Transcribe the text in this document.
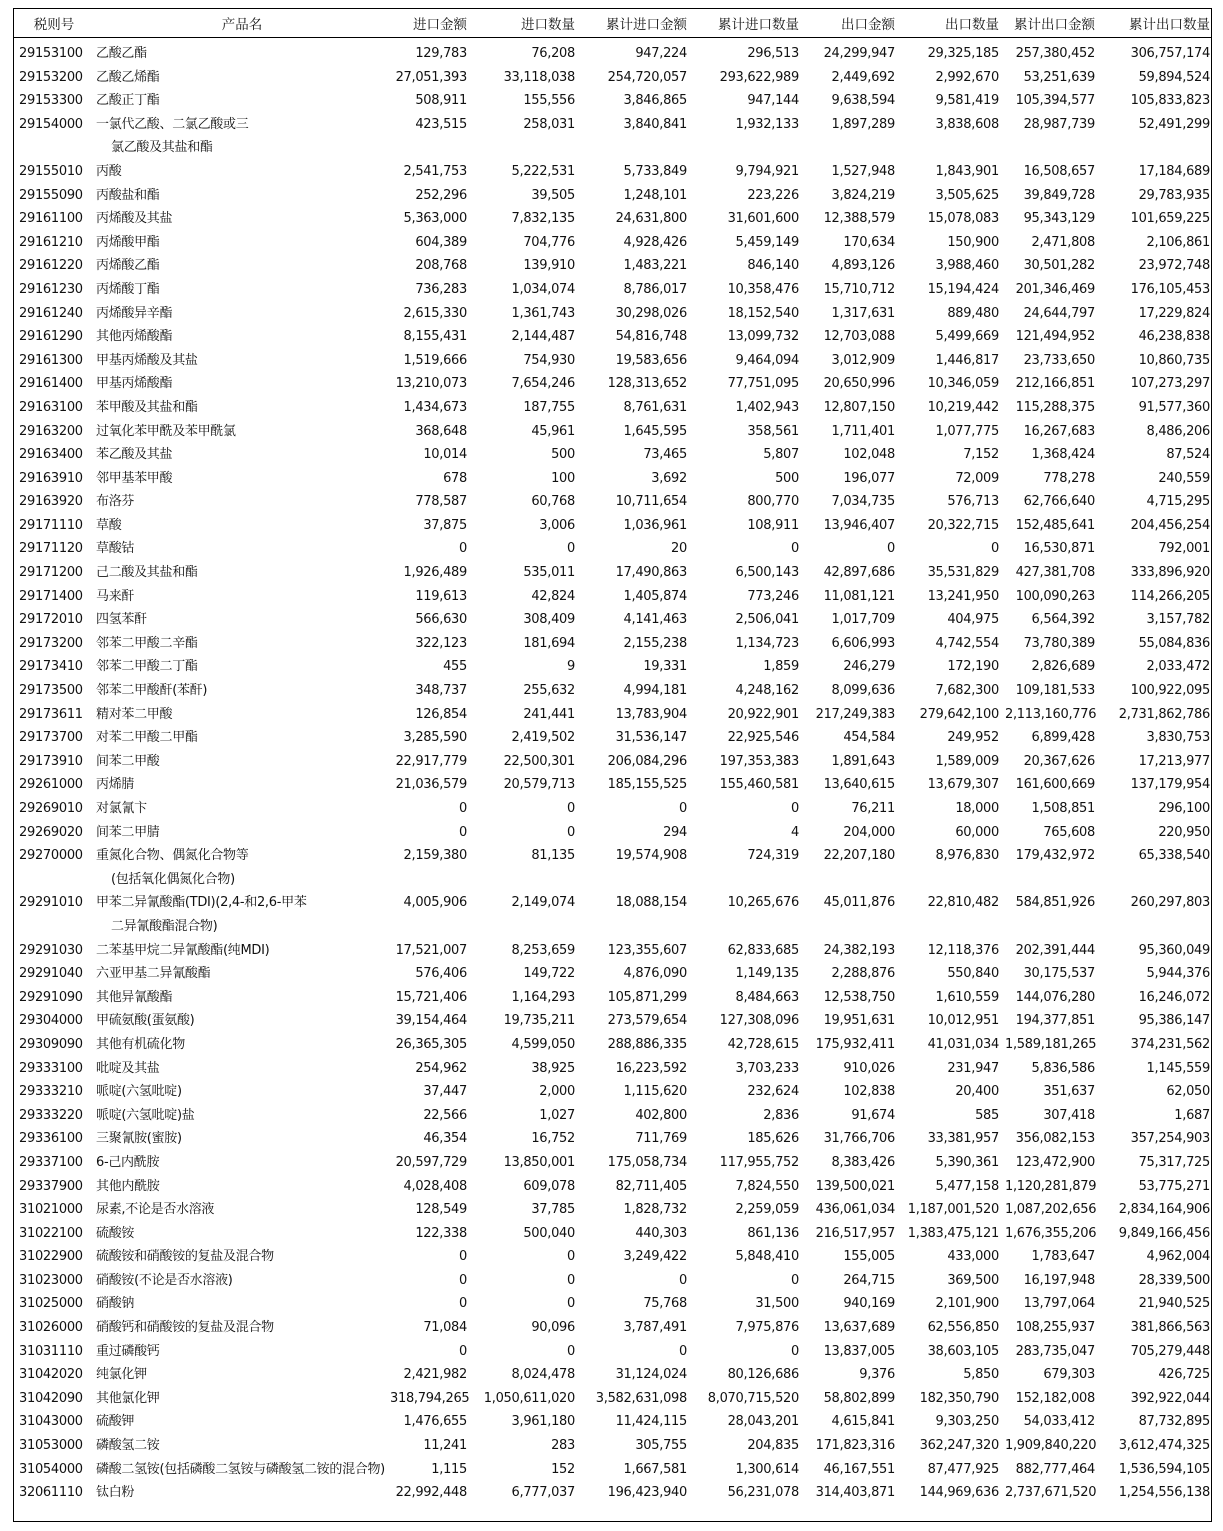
税则号	产品名	进口金额	进口数量	累计进口金额	累计进口数量	出口金额	出口数量	累计出口金额	累计出口数量
29153100	乙酸乙酯	129,783	76,208	947,224	296,513	24,299,947	29,325,185	257,380,452	306,757,174
29153200	乙酸乙烯酯	27,051,393	33,118,038	254,720,057	293,622,989	2,449,692	2,992,670	53,251,639	59,894,524
29153300	乙酸正丁酯	508,911	155,556	3,846,865	947,144	9,638,594	9,581,419	105,394,577	105,833,823
29154000	一氯代乙酸、二氯乙酸或三
氯乙酸及其盐和酯	423,515	258,031	3,840,841	1,932,133	1,897,289	3,838,608	28,987,739	52,491,299
29155010	丙酸	2,541,753	5,222,531	5,733,849	9,794,921	1,527,948	1,843,901	16,508,657	17,184,689
29155090	丙酸盐和酯	252,296	39,505	1,248,101	223,226	3,824,219	3,505,625	39,849,728	29,783,935
29161100	丙烯酸及其盐	5,363,000	7,832,135	24,631,800	31,601,600	12,388,579	15,078,083	95,343,129	101,659,225
29161210	丙烯酸甲酯	604,389	704,776	4,928,426	5,459,149	170,634	150,900	2,471,808	2,106,861
29161220	丙烯酸乙酯	208,768	139,910	1,483,221	846,140	4,893,126	3,988,460	30,501,282	23,972,748
29161230	丙烯酸丁酯	736,283	1,034,074	8,786,017	10,358,476	15,710,712	15,194,424	201,346,469	176,105,453
29161240	丙烯酸异辛酯	2,615,330	1,361,743	30,298,026	18,152,540	1,317,631	889,480	24,644,797	17,229,824
29161290	其他丙烯酸酯	8,155,431	2,144,487	54,816,748	13,099,732	12,703,088	5,499,669	121,494,952	46,238,838
29161300	甲基丙烯酸及其盐	1,519,666	754,930	19,583,656	9,464,094	3,012,909	1,446,817	23,733,650	10,860,735
29161400	甲基丙烯酸酯	13,210,073	7,654,246	128,313,652	77,751,095	20,650,996	10,346,059	212,166,851	107,273,297
29163100	苯甲酸及其盐和酯	1,434,673	187,755	8,761,631	1,402,943	12,807,150	10,219,442	115,288,375	91,577,360
29163200	过氧化苯甲酰及苯甲酰氯	368,648	45,961	1,645,595	358,561	1,711,401	1,077,775	16,267,683	8,486,206
29163400	苯乙酸及其盐	10,014	500	73,465	5,807	102,048	7,152	1,368,424	87,524
29163910	邻甲基苯甲酸	678	100	3,692	500	196,077	72,009	778,278	240,559
29163920	布洛芬	778,587	60,768	10,711,654	800,770	7,034,735	576,713	62,766,640	4,715,295
29171110	草酸	37,875	3,006	1,036,961	108,911	13,946,407	20,322,715	152,485,641	204,456,254
29171120	草酸钴	0	0	20	0	0	0	16,530,871	792,001
29171200	己二酸及其盐和酯	1,926,489	535,011	17,490,863	6,500,143	42,897,686	35,531,829	427,381,708	333,896,920
29171400	马来酐	119,613	42,824	1,405,874	773,246	11,081,121	13,241,950	100,090,263	114,266,205
29172010	四氢苯酐	566,630	308,409	4,141,463	2,506,041	1,017,709	404,975	6,564,392	3,157,782
29173200	邻苯二甲酸二辛酯	322,123	181,694	2,155,238	1,134,723	6,606,993	4,742,554	73,780,389	55,084,836
29173410	邻苯二甲酸二丁酯	455	9	19,331	1,859	246,279	172,190	2,826,689	2,033,472
29173500	邻苯二甲酸酐(苯酐)	348,737	255,632	4,994,181	4,248,162	8,099,636	7,682,300	109,181,533	100,922,095
29173611	精对苯二甲酸	126,854	241,441	13,783,904	20,922,901	217,249,383	279,642,100	2,113,160,776	2,731,862,786
29173700	对苯二甲酸二甲酯	3,285,590	2,419,502	31,536,147	22,925,546	454,584	249,952	6,899,428	3,830,753
29173910	间苯二甲酸	22,917,779	22,500,301	206,084,296	197,353,383	1,891,643	1,589,009	20,367,626	17,213,977
29261000	丙烯腈	21,036,579	20,579,713	185,155,525	155,460,581	13,640,615	13,679,307	161,600,669	137,179,954
29269010	对氯氰卞	0	0	0	0	76,211	18,000	1,508,851	296,100
29269020	间苯二甲腈	0	0	294	4	204,000	60,000	765,608	220,950
29270000	重氮化合物、偶氮化合物等
(包括氧化偶氮化合物)	2,159,380	81,135	19,574,908	724,319	22,207,180	8,976,830	179,432,972	65,338,540
29291010	甲苯二异氰酸酯(TDI)(2,4-和2,6-甲苯
二异氰酸酯混合物)	4,005,906	2,149,074	18,088,154	10,265,676	45,011,876	22,810,482	584,851,926	260,297,803
29291030	二苯基甲烷二异氰酸酯(纯MDI)	17,521,007	8,253,659	123,355,607	62,833,685	24,382,193	12,118,376	202,391,444	95,360,049
29291040	六亚甲基二异氰酸酯	576,406	149,722	4,876,090	1,149,135	2,288,876	550,840	30,175,537	5,944,376
29291090	其他异氰酸酯	15,721,406	1,164,293	105,871,299	8,484,663	12,538,750	1,610,559	144,076,280	16,246,072
29304000	甲硫氨酸(蛋氨酸)	39,154,464	19,735,211	273,579,654	127,308,096	19,951,631	10,012,951	194,377,851	95,386,147
29309090	其他有机硫化物	26,365,305	4,599,050	288,886,335	42,728,615	175,932,411	41,031,034	1,589,181,265	374,231,562
29333100	吡啶及其盐	254,962	38,925	16,223,592	3,703,233	910,026	231,947	5,836,586	1,145,559
29333210	哌啶(六氢吡啶)	37,447	2,000	1,115,620	232,624	102,838	20,400	351,637	62,050
29333220	哌啶(六氢吡啶)盐	22,566	1,027	402,800	2,836	91,674	585	307,418	1,687
29336100	三聚氰胺(蜜胺)	46,354	16,752	711,769	185,626	31,766,706	33,381,957	356,082,153	357,254,903
29337100	6-己内酰胺	20,597,729	13,850,001	175,058,734	117,955,752	8,383,426	5,390,361	123,472,900	75,317,725
29337900	其他内酰胺	4,028,408	609,078	82,711,405	7,824,550	139,500,021	5,477,158	1,120,281,879	53,775,271
31021000	尿素,不论是否水溶液	128,549	37,785	1,828,732	2,259,059	436,061,034	1,187,001,520	1,087,202,656	2,834,164,906
31022100	硫酸铵	122,338	500,040	440,303	861,136	216,517,957	1,383,475,121	1,676,355,206	9,849,166,456
31022900	硫酸铵和硝酸铵的复盐及混合物	0	0	3,249,422	5,848,410	155,005	433,000	1,783,647	4,962,004
31023000	硝酸铵(不论是否水溶液)	0	0	0	0	264,715	369,500	16,197,948	28,339,500
31025000	硝酸钠	0	0	75,768	31,500	940,169	2,101,900	13,797,064	21,940,525
31026000	硝酸钙和硝酸铵的复盐及混合物	71,084	90,096	3,787,491	7,975,876	13,637,689	62,556,850	108,255,937	381,866,563
31031110	重过磷酸钙	0	0	0	0	13,837,005	38,603,105	283,735,047	705,279,448
31042020	纯氯化钾	2,421,982	8,024,478	31,124,024	80,126,686	9,376	5,850	679,303	426,725
31042090	其他氯化钾	318,794,265	1,050,611,020	3,582,631,098	8,070,715,520	58,802,899	182,350,790	152,182,008	392,922,044
31043000	硫酸钾	1,476,655	3,961,180	11,424,115	28,043,201	4,615,841	9,303,250	54,033,412	87,732,895
31053000	磷酸氢二铵	11,241	283	305,755	204,835	171,823,316	362,247,320	1,909,840,220	3,612,474,325
31054000	磷酸二氢铵(包括磷酸二氢铵与磷酸氢二铵的混合物)	1,115	152	1,667,581	1,300,614	46,167,551	87,477,925	882,777,464	1,536,594,105
32061110	钛白粉	22,992,448	6,777,037	196,423,940	56,231,078	314,403,871	144,969,636	2,737,671,520	1,254,556,138
